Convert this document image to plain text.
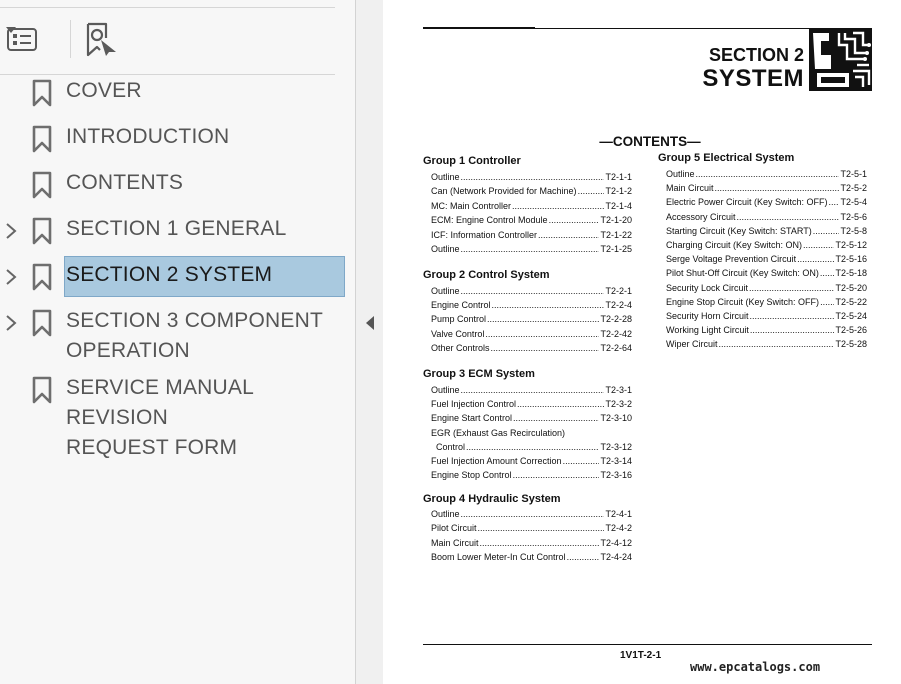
COVER
INTRODUCTION
CONTENTS
SECTION 1 GENERAL
SECTION 2 SYSTEM
SECTION 3 COMPONENT
OPERATION
SERVICE MANUAL REVISION
REQUEST FORM
SECTION 2
SYSTEM
—CONTENTS—
Group 1 Controller
Outline .....	T2-1-1
Can (Network Provided for Machine) .....	T2-1-2
MC: Main Controller .....	T2-1-4
ECM: Engine Control Module .....	T2-1-20
ICF: Information Controller .....	T2-1-22
Outline .....	T2-1-25
Group 2 Control System
Outline .....	T2-2-1
Engine Control .....	T2-2-4
Pump Control .....	T2-2-28
Valve Control .....	T2-2-42
Other Controls .....	T2-2-64
Group 3 ECM System
Outline .....	T2-3-1
Fuel Injection Control .....	T2-3-2
Engine Start Control .....	T2-3-10
EGR (Exhaust Gas Recirculation)
Control .....	T2-3-12
Fuel Injection Amount Correction .....	T2-3-14
Engine Stop Control .....	T2-3-16
Group 4 Hydraulic System
Outline .....	T2-4-1
Pilot Circuit .....	T2-4-2
Main Circuit .....	T2-4-12
Boom Lower Meter-In Cut Control .....	T2-4-24
Group 5 Electrical System
Outline .....	T2-5-1
Main Circuit .....	T2-5-2
Electric Power Circuit (Key Switch: OFF) ..... T2-5-4
Accessory Circuit .....	T2-5-6
Starting Circuit (Key Switch: START) .....	T2-5-8
Charging Circuit (Key Switch: ON) .....	T2-5-12
Serge Voltage Prevention Circuit .....	T2-5-16
Pilot Shut-Off Circuit (Key Switch: ON) ..... T2-5-18
Security Lock Circuit .....	T2-5-20
Engine Stop Circuit (Key Switch: OFF) ..... T2-5-22
Security Horn Circuit .....	T2-5-24
Working Light Circuit .....	T2-5-26
Wiper Circuit .....	T2-5-28
1V1T-2-1
www.epcatalogs.com
